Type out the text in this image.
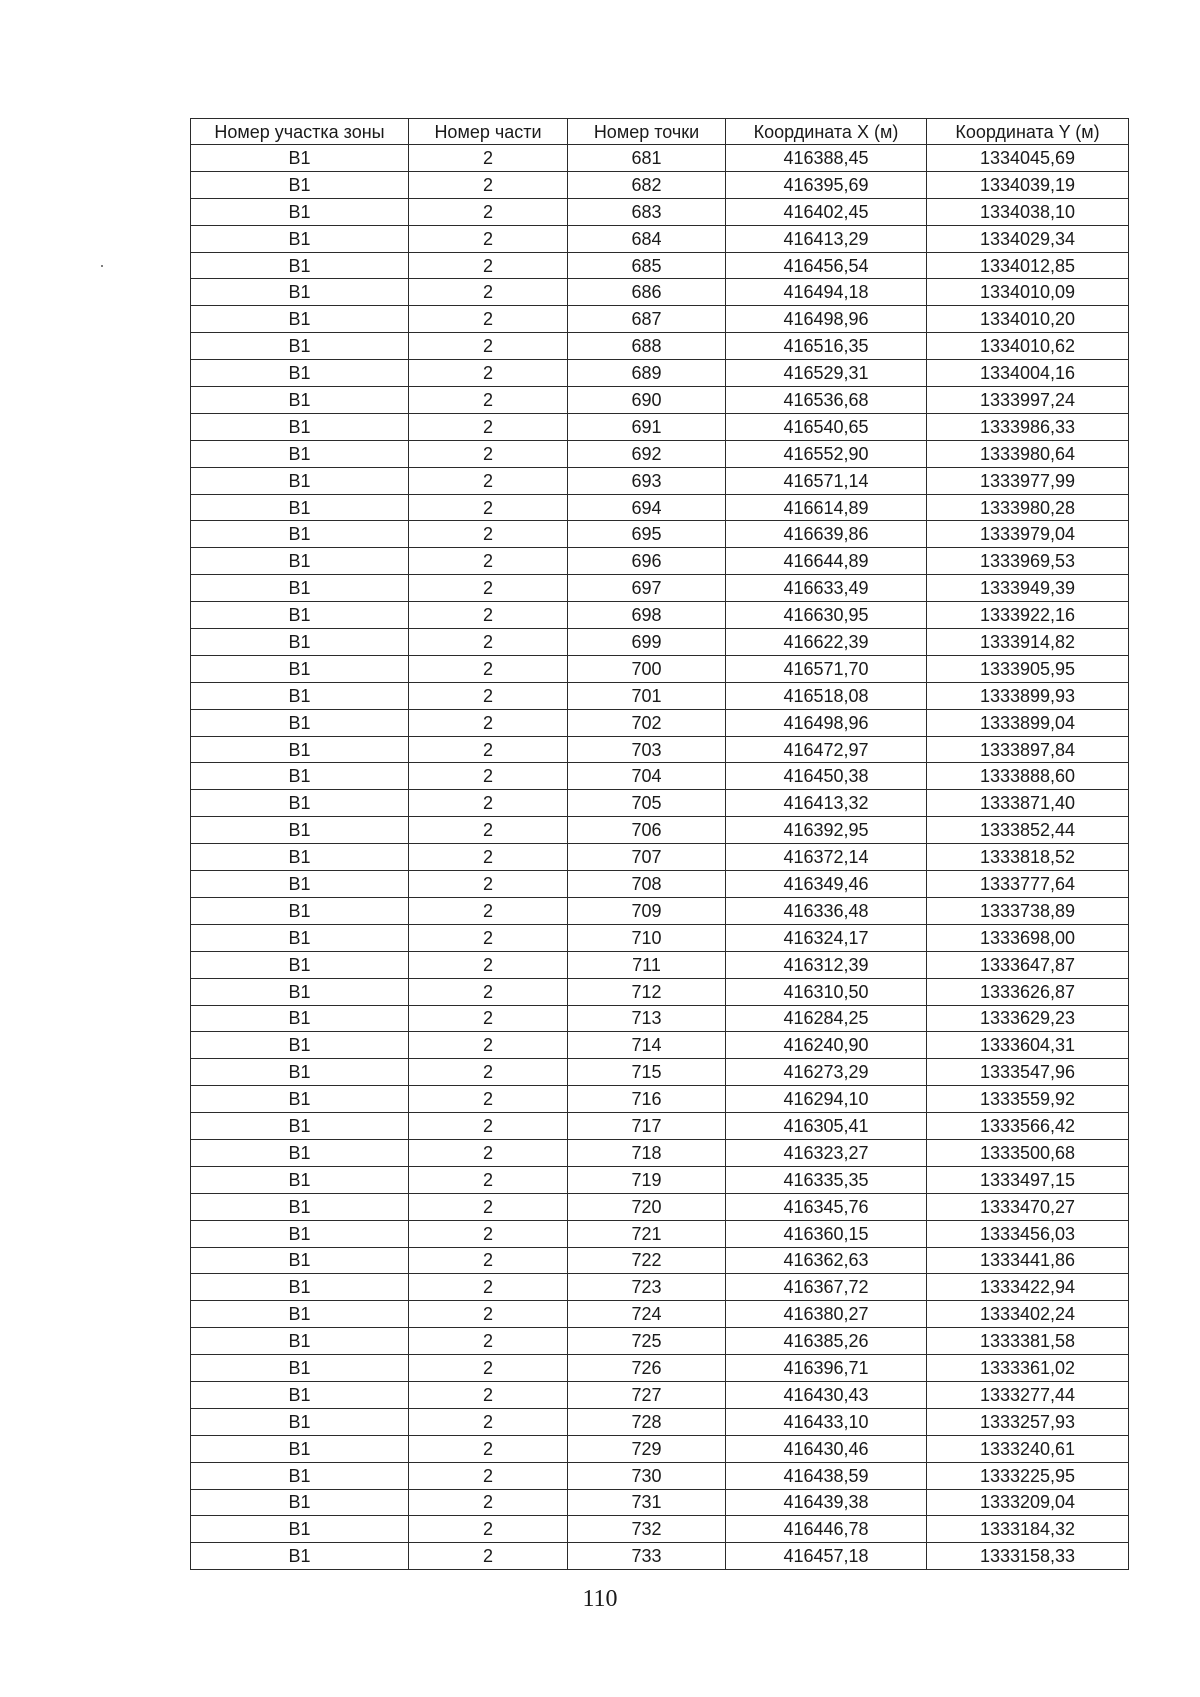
Номер участка зоны	Номер части	Номер точки	Координата X (м)	Координата Y (м)
В1	2	681	416388,45	1334045,69
В1	2	682	416395,69	1334039,19
В1	2	683	416402,45	1334038,10
В1	2	684	416413,29	1334029,34
В1	2	685	416456,54	1334012,85
В1	2	686	416494,18	1334010,09
В1	2	687	416498,96	1334010,20
В1	2	688	416516,35	1334010,62
В1	2	689	416529,31	1334004,16
В1	2	690	416536,68	1333997,24
В1	2	691	416540,65	1333986,33
В1	2	692	416552,90	1333980,64
В1	2	693	416571,14	1333977,99
В1	2	694	416614,89	1333980,28
В1	2	695	416639,86	1333979,04
В1	2	696	416644,89	1333969,53
В1	2	697	416633,49	1333949,39
В1	2	698	416630,95	1333922,16
В1	2	699	416622,39	1333914,82
В1	2	700	416571,70	1333905,95
В1	2	701	416518,08	1333899,93
В1	2	702	416498,96	1333899,04
В1	2	703	416472,97	1333897,84
В1	2	704	416450,38	1333888,60
В1	2	705	416413,32	1333871,40
В1	2	706	416392,95	1333852,44
В1	2	707	416372,14	1333818,52
В1	2	708	416349,46	1333777,64
В1	2	709	416336,48	1333738,89
В1	2	710	416324,17	1333698,00
В1	2	711	416312,39	1333647,87
В1	2	712	416310,50	1333626,87
В1	2	713	416284,25	1333629,23
В1	2	714	416240,90	1333604,31
В1	2	715	416273,29	1333547,96
В1	2	716	416294,10	1333559,92
В1	2	717	416305,41	1333566,42
В1	2	718	416323,27	1333500,68
В1	2	719	416335,35	1333497,15
В1	2	720	416345,76	1333470,27
В1	2	721	416360,15	1333456,03
В1	2	722	416362,63	1333441,86
В1	2	723	416367,72	1333422,94
В1	2	724	416380,27	1333402,24
В1	2	725	416385,26	1333381,58
В1	2	726	416396,71	1333361,02
В1	2	727	416430,43	1333277,44
В1	2	728	416433,10	1333257,93
В1	2	729	416430,46	1333240,61
В1	2	730	416438,59	1333225,95
В1	2	731	416439,38	1333209,04
В1	2	732	416446,78	1333184,32
В1	2	733	416457,18	1333158,33
110
